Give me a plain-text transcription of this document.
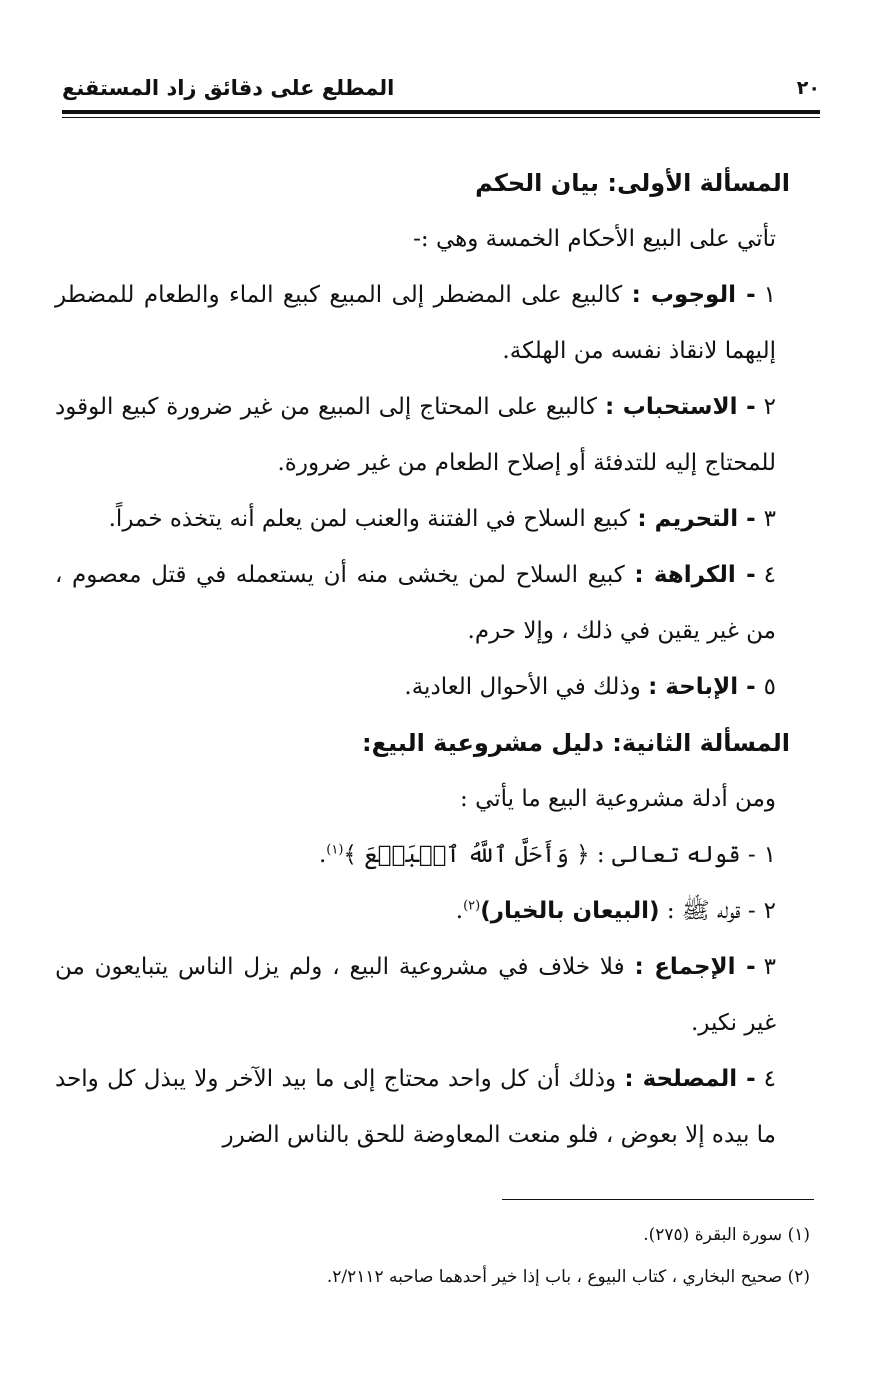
المطلع على دقائق زاد المستقنع	٢٠

المسألة الأولى: بيان الحكم

تأتي على البيع الأحكام الخمسة وهي :-

١- الوجوب : كالبيع على المضطر إلى المبيع كبيع الماء والطعام للمضطر إليهما لانقاذ نفسه من الهلكة.

٢- الاستحباب : كالبيع على المحتاج إلى المبيع من غير ضرورة كبيع الوقود للمحتاج إليه للتدفئة أو إصلاح الطعام من غير ضرورة.

٣- التحريم : كبيع السلاح في الفتنة والعنب لمن يعلم أنه يتخذه خمراً.

٤- الكراهة : كبيع السلاح لمن يخشى منه أن يستعمله في قتل معصوم ، من غير يقين في ذلك ، وإلا حرم.

٥- الإباحة : وذلك في الأحوال العادية.

المسألة الثانية: دليل مشروعية البيع:

ومن أدلة مشروعية البيع ما يأتي :

١- قوله تعالى : ﴿ وَأَحَلَّ ٱللَّهُ ٱلۡبَيۡعَ ﴾$^{(١)}$.

٢- قوله ﷺ : (البيعان بالخيار)$^{(٢)}$.

٣- الإجماع : فلا خلاف في مشروعية البيع ، ولم يزل الناس يتبايعون من غير نكير.

٤- المصلحة : وذلك أن كل واحد محتاج إلى ما بيد الآخر ولا يبذل كل واحد ما بيده إلا بعوض ، فلو منعت المعاوضة للحق بالناس الضرر

(١) سورة البقرة (٢٧٥).
(٢) صحيح البخاري ، كتاب البيوع ، باب إذا خير أحدهما صاحبه ٢/٢١١٢.
